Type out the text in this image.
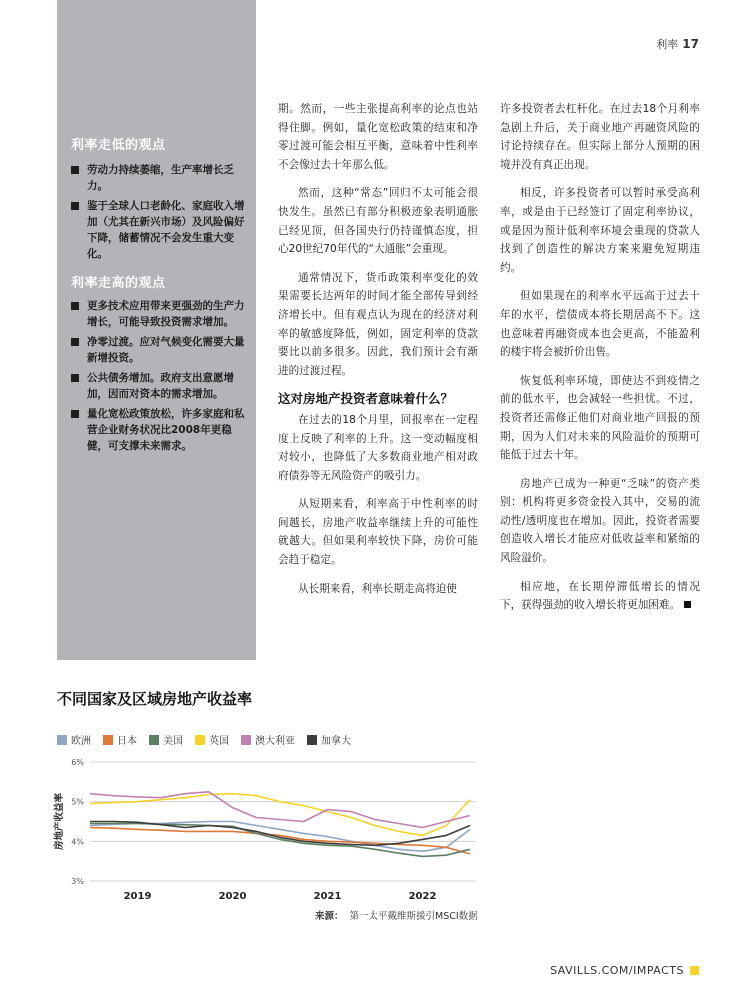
利率走低的观点
劳动力持续萎缩，生产率增长乏力。
鉴于全球人口老龄化、家庭收入增加（尤其在新兴市场）及风险偏好下降，储蓄情况不会发生重大变化。
利率走高的观点
更多技术应用带来更强劲的生产力增长，可能导致投资需求增加。
净零过渡。应对气候变化需要大量新增投资。
公共债务增加。政府支出意愿增加，因而对资本的需求增加。
量化宽松政策放松，许多家庭和私营企业财务状况比2008年更稳健，可支撑未来需求。
利率 17

期。然而，一些主张提高利率的论点也站得住脚。例如，量化宽松政策的结束和净零过渡可能会相互平衡，意味着中性利率不会像过去十年那么低。

然而，这种“常态”回归不太可能会很快发生。虽然已有部分积极迹象表明通胀已经见顶，但各国央行仍持谨慎态度，担心20世纪70年代的“大通胀”会重现。

通常情况下，货币政策利率变化的效果需要长达两年的时间才能全部传导到经济增长中。但有观点认为现在的经济对利率的敏感度降低，例如，固定利率的贷款要比以前多很多。因此，我们预计会有渐进的过渡过程。

这对房地产投资者意味着什么？

在过去的18个月里，回报率在一定程度上反映了利率的上升。这一变动幅度相对较小，也降低了大多数商业地产相对政府债券等无风险资产的吸引力。

从短期来看，利率高于中性利率的时间越长，房地产收益率继续上升的可能性就越大。但如果利率较快下降，房价可能会趋于稳定。

从长期来看，利率长期走高将迫使

许多投资者去杠杆化。在过去18个月利率急剧上升后，关于商业地产再融资风险的讨论持续存在。但实际上部分人预期的困境并没有真正出现。

相反，许多投资者可以暂时承受高利率，或是由于已经签订了固定利率协议，或是因为预计低利率环境会重现的贷款人找到了创造性的解决方案来避免短期违约。

但如果现在的利率水平远高于过去十年的水平，偿债成本将长期居高不下。这也意味着再融资成本也会更高，不能盈利的楼宇将会被折价出售。

恢复低利率环境，即使达不到疫情之前的低水平，也会减轻一些担忧。不过，投资者还需修正他们对商业地产回报的预期，因为人们对未来的风险溢价的预期可能低于过去十年。

房地产已成为一种更“乏味”的资产类别：机构将更多资金投入其中，交易的流动性/透明度也在增加。因此，投资者需要创造收入增长才能应对低收益率和紧缩的风险溢价。

相应地，在长期停滞低增长的情况下，获得强劲的收入增长将更加困难。

不同国家及区域房地产收益率
欧洲	日本	美国	英国	澳大利亚	加拿大
3%
4%
5%
6%
房地产收益率
2019	2020	2021	2022
来源： 第一太平戴维斯援引MSCI数据
SAVILLS.COM/IMPACTS
